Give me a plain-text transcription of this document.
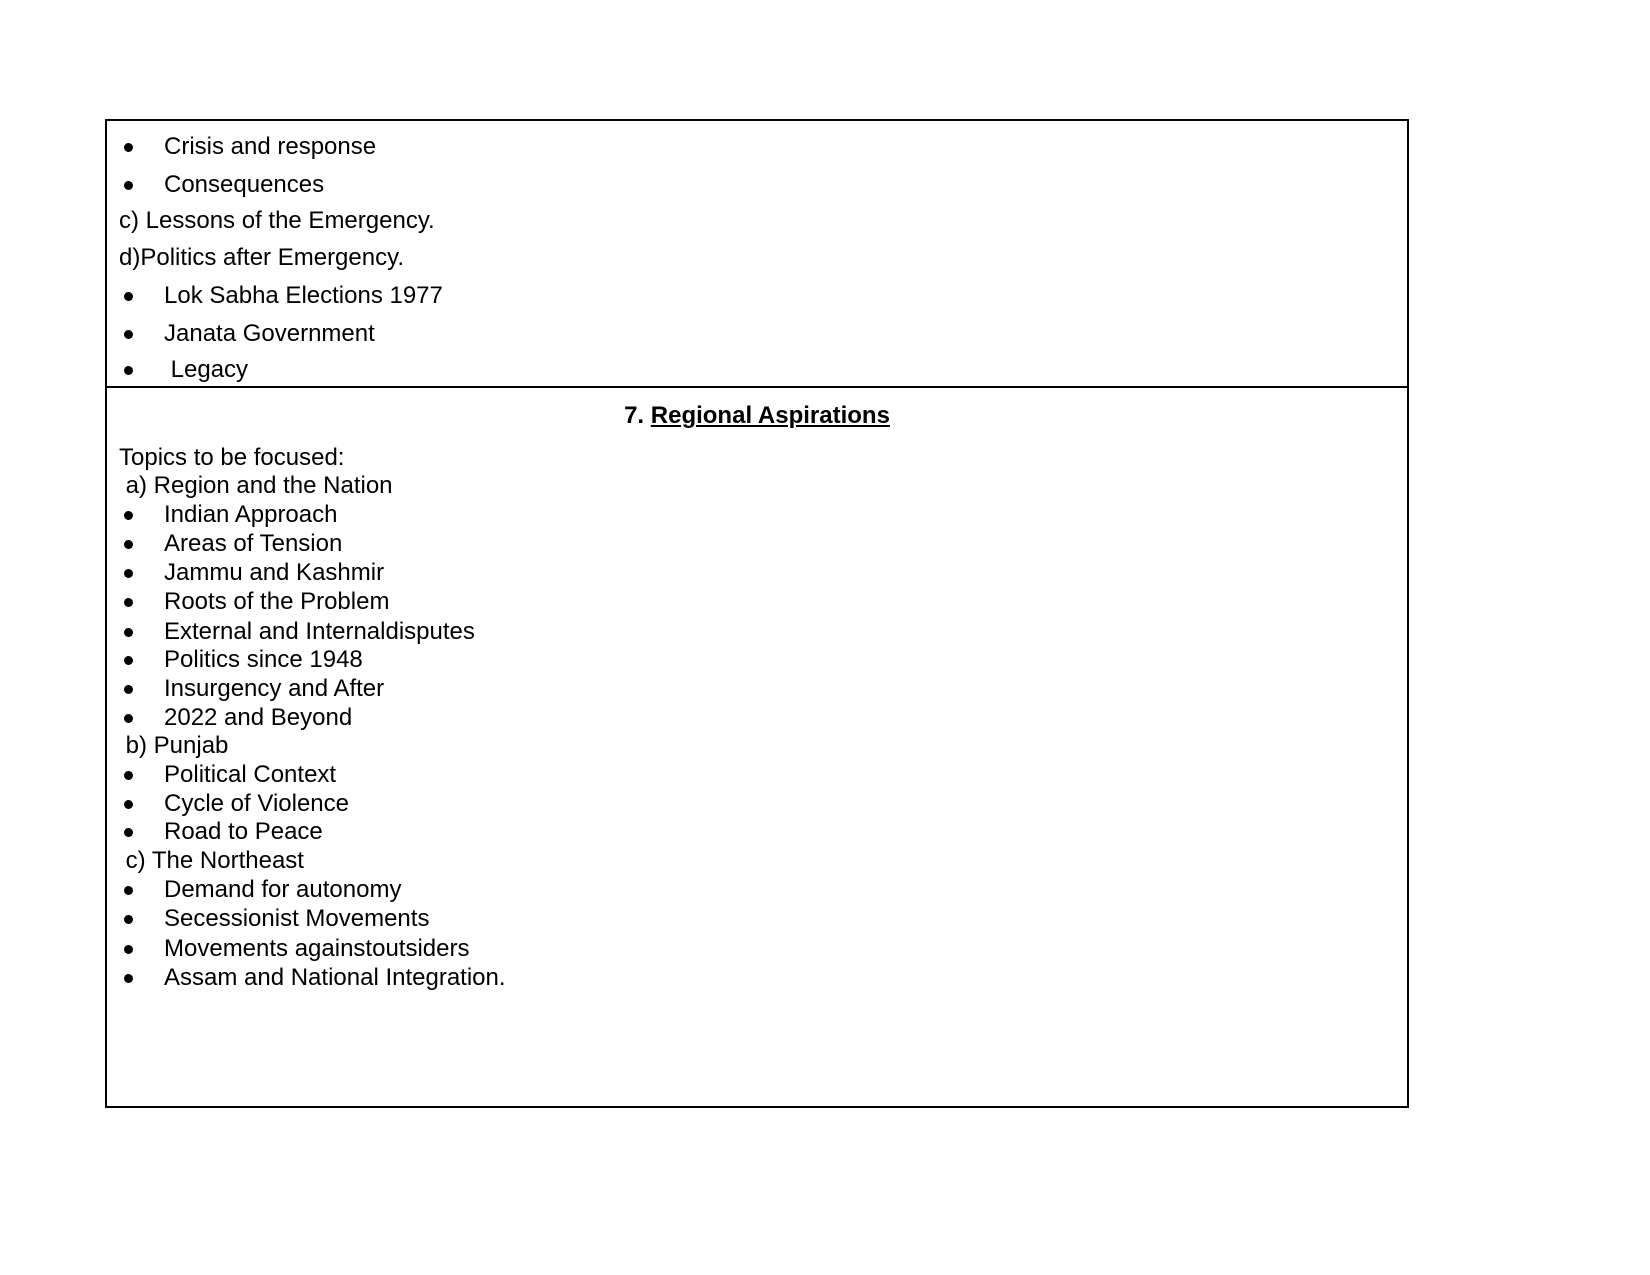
Crisis and response
Consequences
c) Lessons of the Emergency.
d)Politics after Emergency.
Lok Sabha Elections 1977
Janata Government
Legacy
7. Regional Aspirations
Topics to be focused:
a) Region and the Nation
Indian Approach
Areas of Tension
Jammu and Kashmir
Roots of the Problem
External and Internaldisputes
Politics since 1948
Insurgency and After
2022 and Beyond
b) Punjab
Political Context
Cycle of Violence
Road to Peace
c) The Northeast
Demand for autonomy
Secessionist Movements
Movements againstoutsiders
Assam and National Integration.
